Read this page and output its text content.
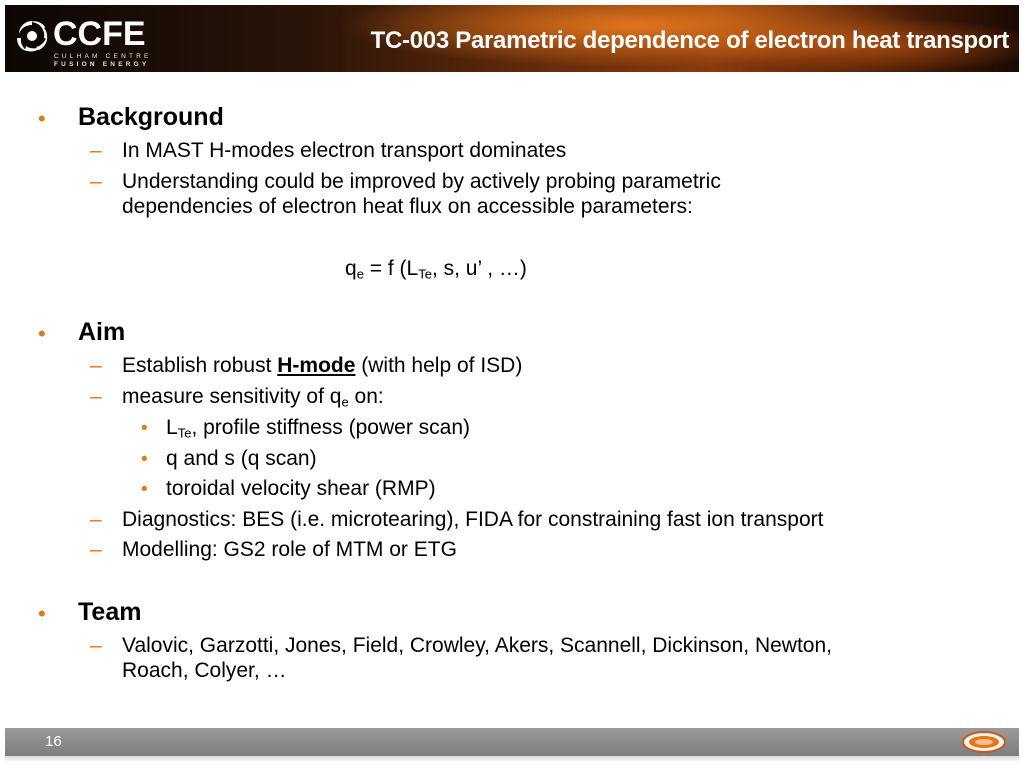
CCFE
CULHAM CENTRE
FUSION ENERGY
TC-003 Parametric dependence of electron heat transport
• Background
– In MAST H-modes electron transport dominates
– Understanding could be improved by actively probing parametric
dependencies of electron heat flux on accessible parameters:
$q_e = f$ ($L_{Te}$, s, u’ , …)
• Aim
– Establish robust H-mode (with help of ISD)
– measure sensitivity of $q_e$ on:
• $L_{Te}$, profile stiffness (power scan)
• q and s (q scan)
• toroidal velocity shear (RMP)
– Diagnostics: BES (i.e. microtearing), FIDA for constraining fast ion transport
– Modelling: GS2 role of MTM or ETG
• Team
– Valovic, Garzotti, Jones, Field, Crowley, Akers, Scannell, Dickinson, Newton,
Roach, Colyer, …
16
